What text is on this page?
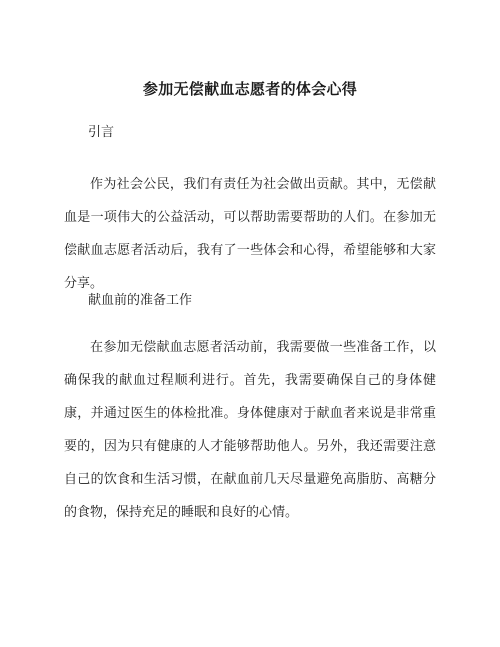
参加无偿献血志愿者的体会心得
引言
作为社会公民，我们有责任为社会做出贡献。其中，无偿献血是一项伟大的公益活动，可以帮助需要帮助的人们。在参加无偿献血志愿者活动后，我有了一些体会和心得，希望能够和大家分享。
献血前的准备工作
在参加无偿献血志愿者活动前，我需要做一些准备工作，以确保我的献血过程顺利进行。首先，我需要确保自己的身体健康，并通过医生的体检批准。身体健康对于献血者来说是非常重要的，因为只有健康的人才能够帮助他人。另外，我还需要注意自己的饮食和生活习惯，在献血前几天尽量避免高脂肪、高糖分的食物，保持充足的睡眠和良好的心情。
